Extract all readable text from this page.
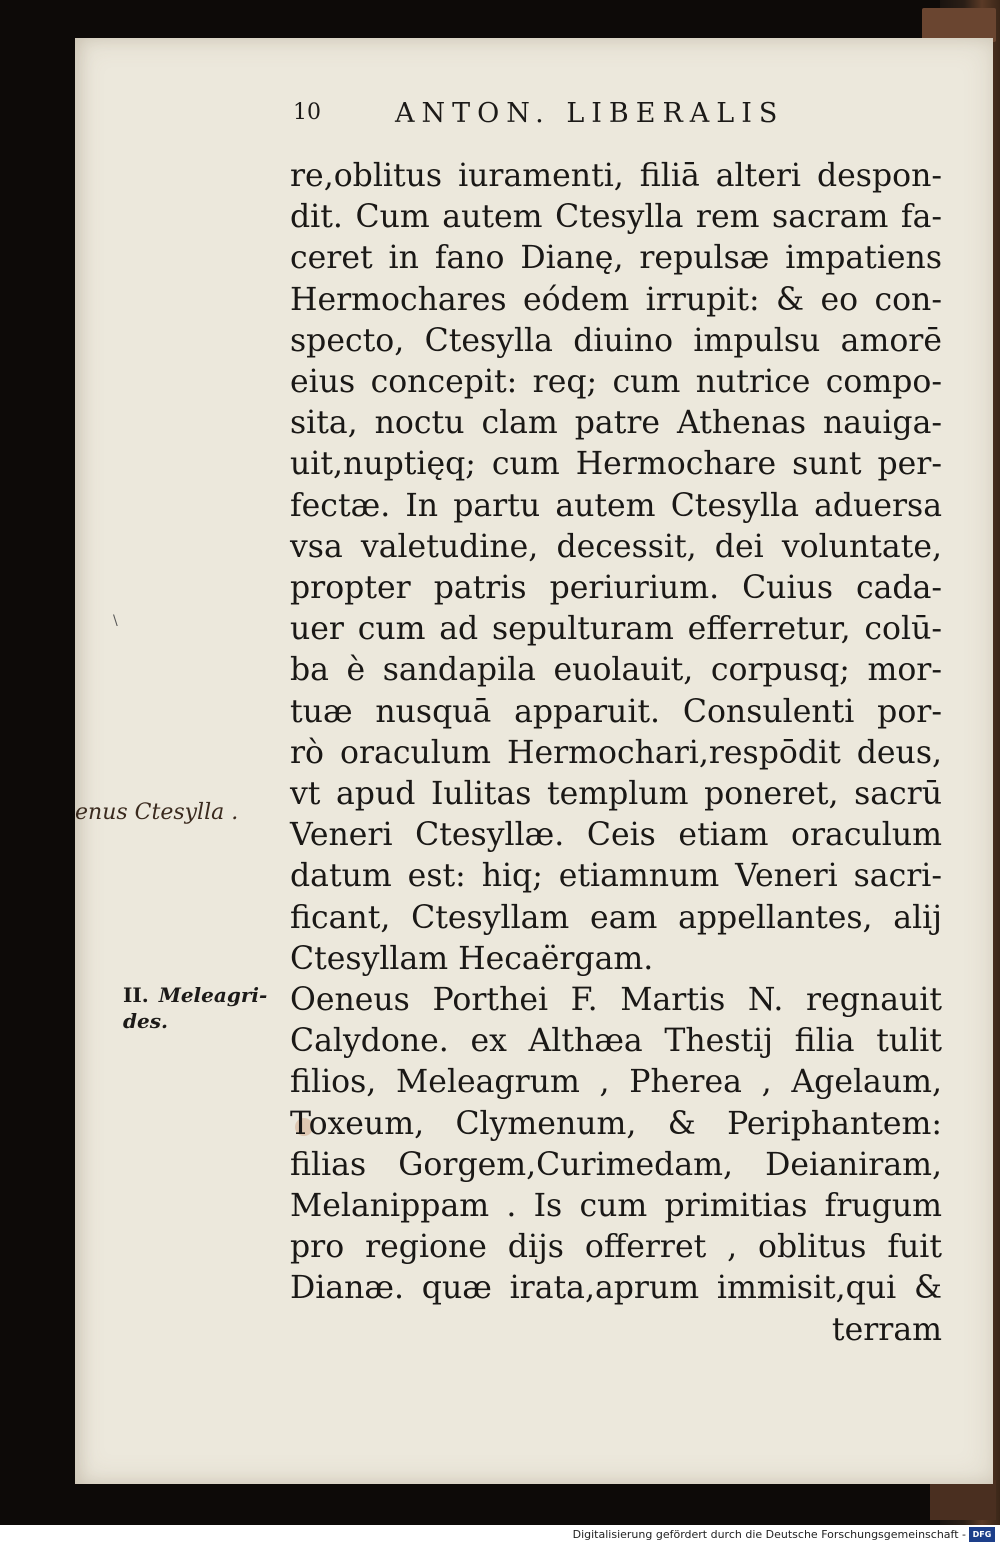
10	ANTON. LIBERALIS
\
enus Ctesylla .
II. Meleagri-
des.
re,oblitus iuramenti, filiā alteri despon-
dit. Cum autem Ctesylla rem sacram fa-
ceret in fano Dianę, repulsæ impatiens
Hermochares eódem irrupit: & eo con-
specto, Ctesylla diuino impulsu amorē
eius concepit: req; cum nutrice compo-
sita, noctu clam patre Athenas nauiga-
uit,nuptięq; cum Hermochare sunt per-
fectæ. In partu autem Ctesylla aduersa
vsa valetudine, decessit, dei voluntate,
propter patris periurium. Cuius cada-
uer cum ad sepulturam efferretur, colū-
ba è sandapila euolauit, corpusq; mor-
tuæ nusquā apparuit. Consulenti por-
rò oraculum Hermochari,respōdit deus,
vt apud Iulitas templum poneret, sacrū
Veneri Ctesyllæ. Ceis etiam oraculum
datum est: hiq; etiamnum Veneri sacri-
ficant, Ctesyllam eam appellantes, alij
Ctesyllam Hecaërgam.
Oeneus Porthei F. Martis N. regnauit
Calydone. ex Althæa Thestij filia tulit
filios, Meleagrum , Pherea , Agelaum,
Toxeum, Clymenum, & Periphantem:
filias Gorgem,Curimedam, Deianiram,
Melanippam . Is cum primitias frugum
pro regione dijs offerret , oblitus fuit
Dianæ. quæ irata,aprum immisit,qui &
terram
Digitalisierung gefördert durch die Deutsche Forschungsgemeinschaft - DFG
